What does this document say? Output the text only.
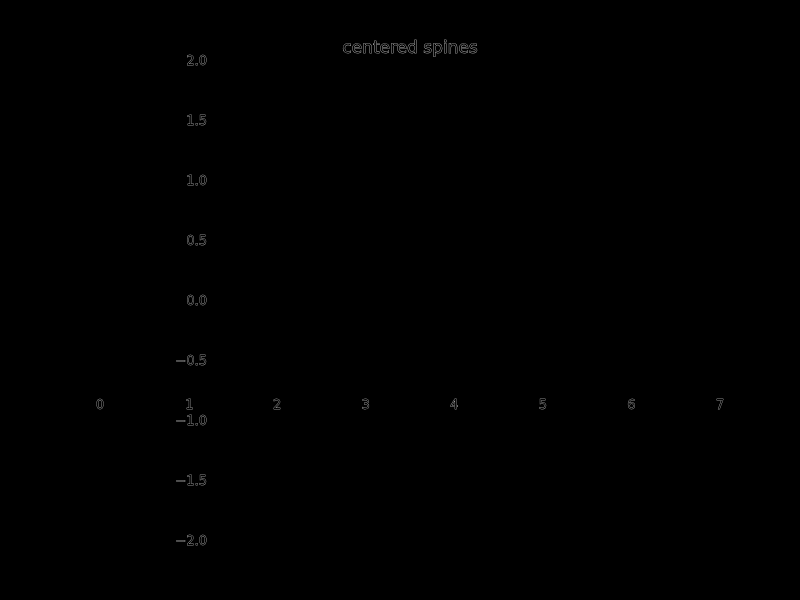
centered spines
0	1	2	3	4	5	6	7
2.0
1.5
1.0
0.5
0.0
−0.5
−1.0
−1.5
−2.0
